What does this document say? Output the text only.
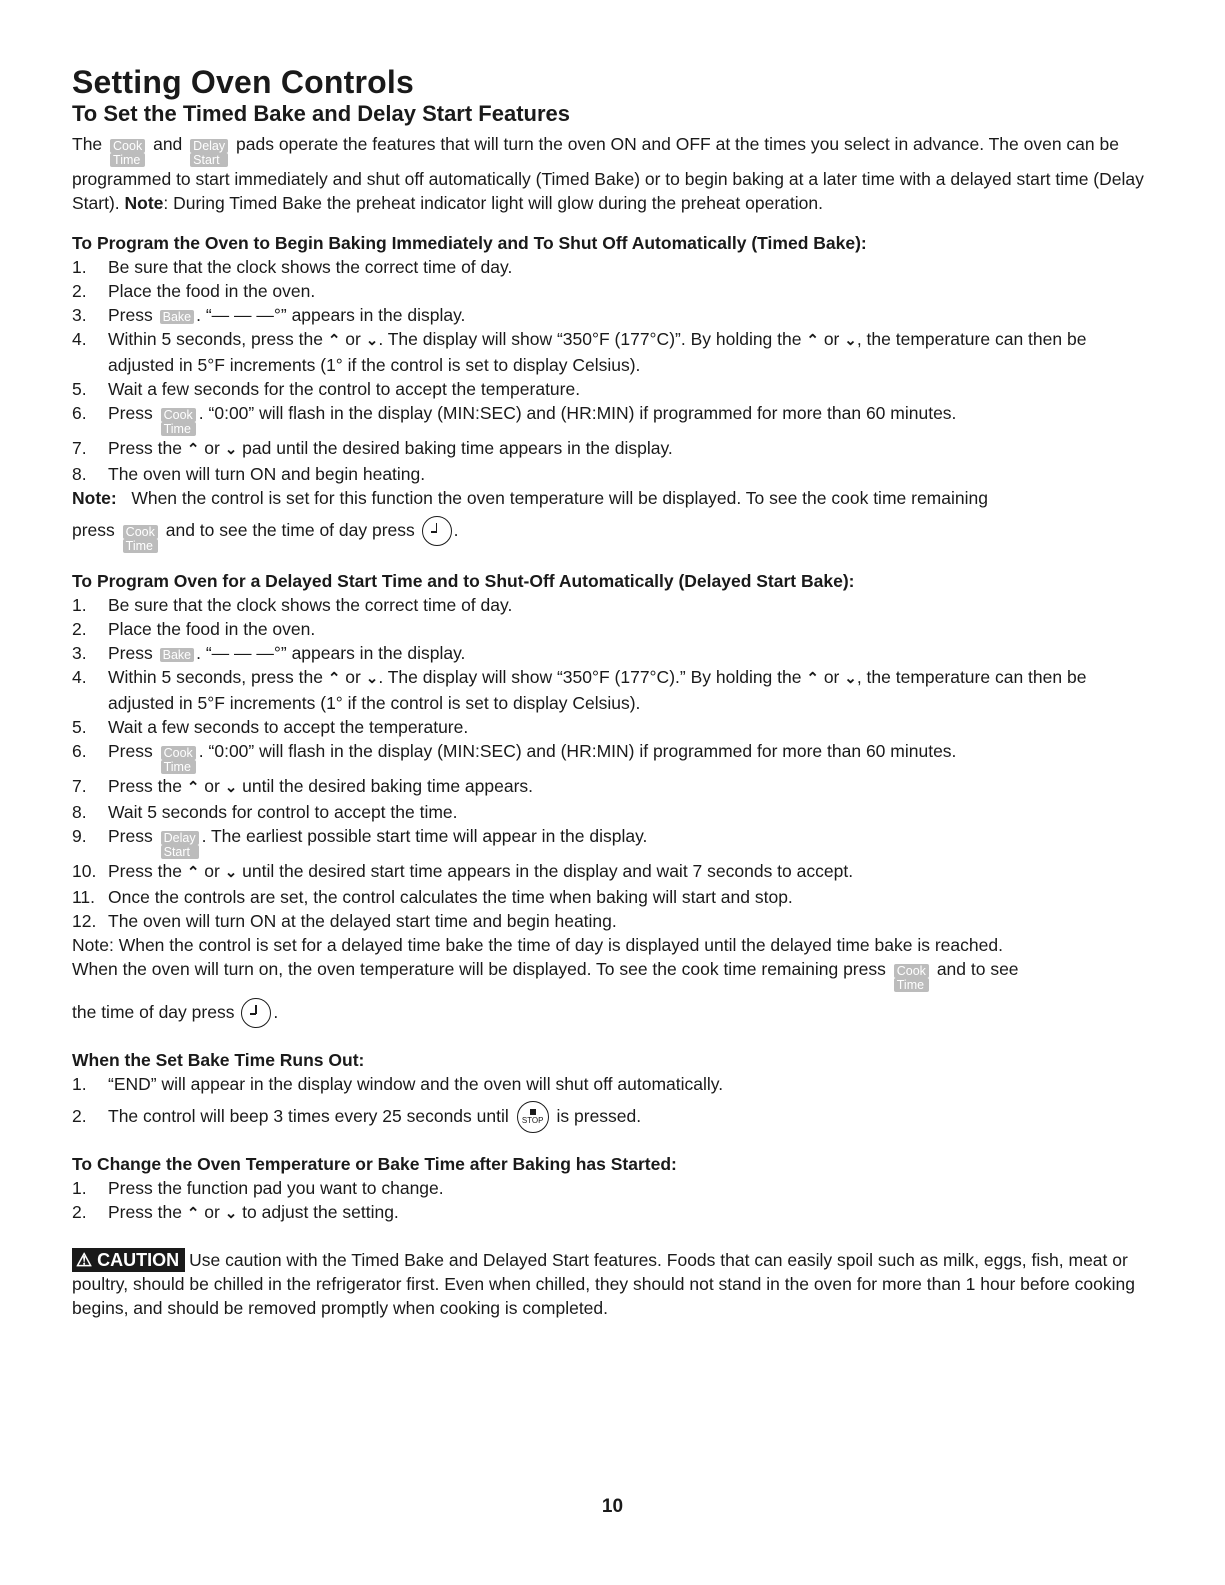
Setting Oven Controls
To Set the Timed Bake and Delay Start Features

The Cook
Time
and Delay
Start
pads operate the features that will turn the oven ON and OFF at the times you select in advance. The oven can be programmed to start immediately and shut off automatically (Timed Bake) or to begin baking at a later time with a delayed start time (Delay Start). Note: During Timed Bake the preheat indicator light will glow during the preheat operation.

To Program the Oven to Begin Baking Immediately and To Shut Off Automatically (Timed Bake):
1. Be sure that the clock shows the correct time of day.
2. Place the food in the oven.
3. Press Bake . “— — —°” appears in the display.
4. Within 5 seconds, press the ⌃ or ⌄. The display will show “350°F (177°C)”. By holding the ⌃ or ⌄, the temperature can then be adjusted in 5°F increments (1° if the control is set to display Celsius).
5. Wait a few seconds for the control to accept the temperature.
6. Press Cook
Time
. “0:00” will flash in the display (MIN:SEC) and (HR:MIN) if programmed for more than 60 minutes.
7. Press the ⌃ or ⌄ pad until the desired baking time appears in the display.
8. The oven will turn ON and begin heating.

Note: When the control is set for this function the oven temperature will be displayed. To see the cook time remaining

press Cook
Time
and to see the time of day press .

To Program Oven for a Delayed Start Time and to Shut-Off Automatically (Delayed Start Bake):
1. Be sure that the clock shows the correct time of day.
2. Place the food in the oven.
3. Press Bake . “— — —°” appears in the display.
4. Within 5 seconds, press the ⌃ or ⌄. The display will show “350°F (177°C).” By holding the ⌃ or ⌄, the temperature can then be adjusted in 5°F increments (1° if the control is set to display Celsius).
5. Wait a few seconds to accept the temperature.
6. Press Cook
Time
. “0:00” will flash in the display (MIN:SEC) and (HR:MIN) if programmed for more than 60 minutes.
7. Press the ⌃ or ⌄ until the desired baking time appears.
8. Wait 5 seconds for control to accept the time.
9. Press Delay
Start
. The earliest possible start time will appear in the display.
10. Press the ⌃ or ⌄ until the desired start time appears in the display and wait 7 seconds to accept.
11. Once the controls are set, the control calculates the time when baking will start and stop.
12. The oven will turn ON at the delayed start time and begin heating.

Note: When the control is set for a delayed time bake the time of day is displayed until the delayed time bake is reached.

When the oven will turn on, the oven temperature will be displayed. To see the cook time remaining press Cook
Time
and to see

the time of day press .

When the Set Bake Time Runs Out:
1. “END” will appear in the display window and the oven will shut off automatically.
2. The control will beep 3 times every 25 seconds until STOP is pressed.
To Change the Oven Temperature or Bake Time after Baking has Started:
1. Press the function pad you want to change.
2. Press the ⌃ or ⌄ to adjust the setting.

⚠ CAUTION Use caution with the Timed Bake and Delayed Start features. Foods that can easily spoil such as milk, eggs, fish, meat or poultry, should be chilled in the refrigerator first. Even when chilled, they should not stand in the oven for more than 1 hour before cooking begins, and should be removed promptly when cooking is completed.

10
